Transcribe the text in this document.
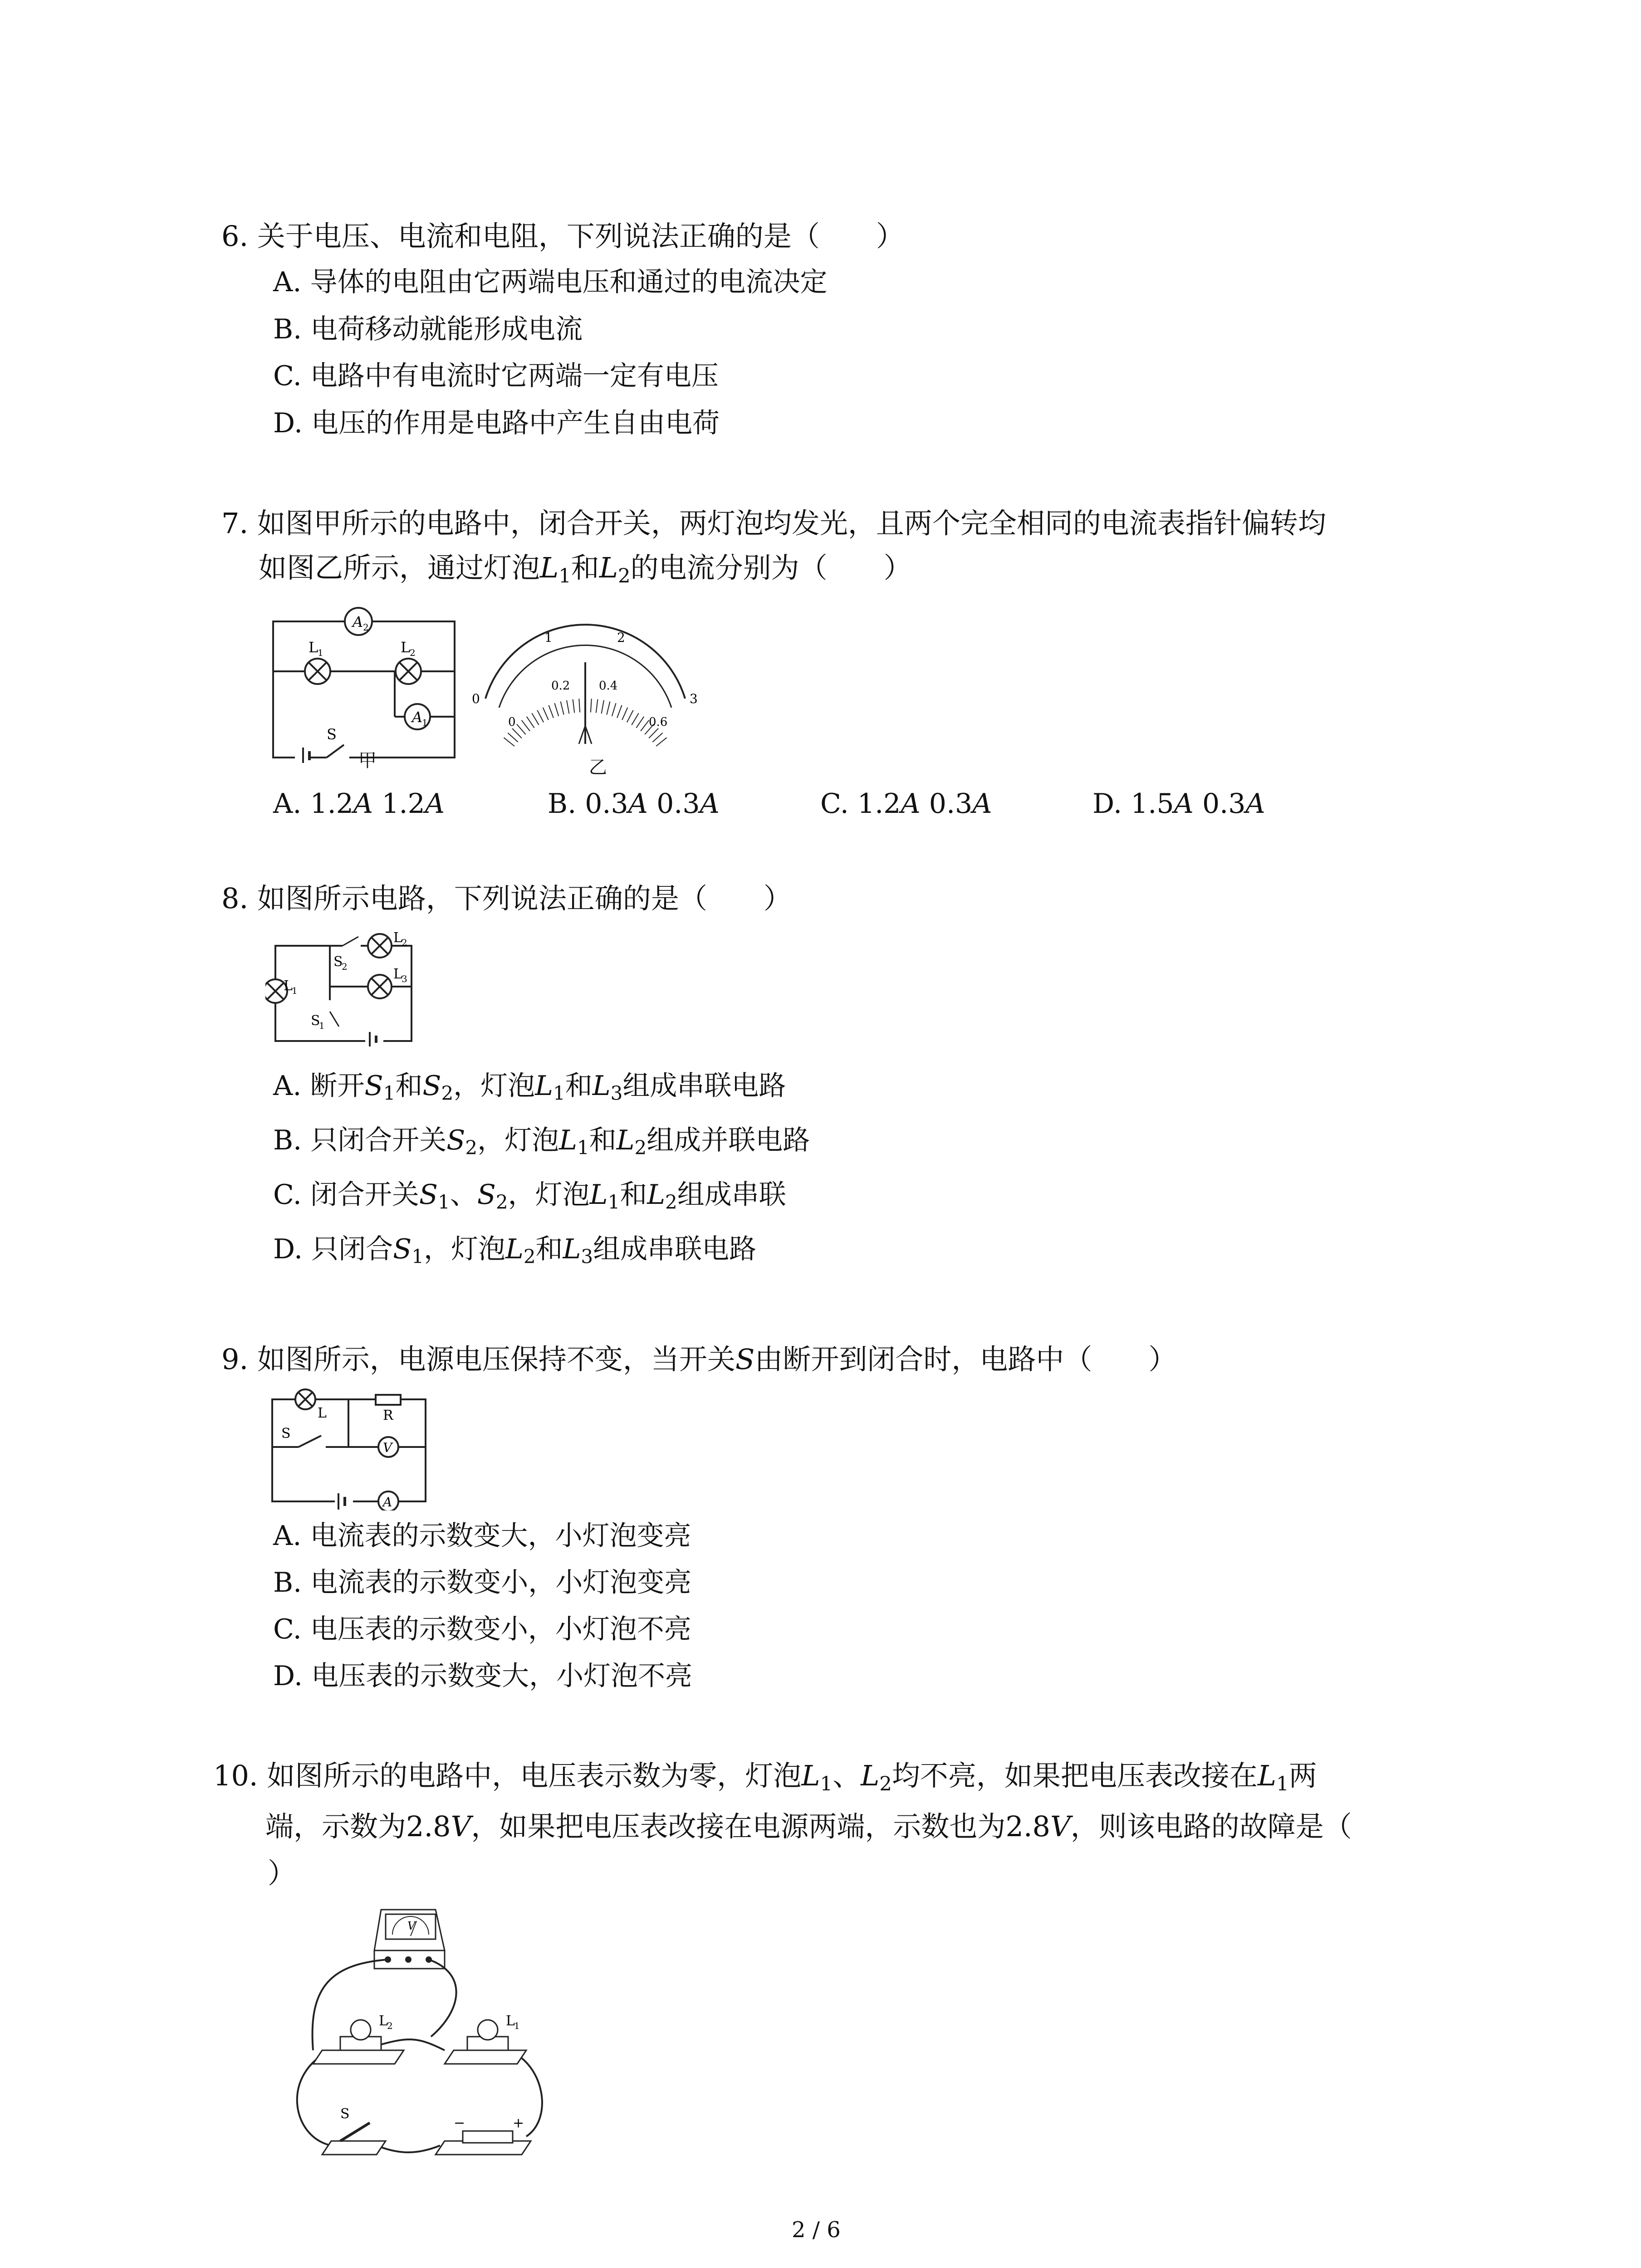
6. 关于电压、电流和电阻，下列说法正确的是（　　）
A. 导体的电阻由它两端电压和通过的电流决定
B. 电荷移动就能形成电流
C. 电路中有电流时它两端一定有电压
D. 电压的作用是电路中产生自由电荷
7. 如图甲所示的电路中，闭合开关，两灯泡均发光，且两个完全相同的电流表指针偏转均
如图乙所示，通过灯泡$L_1$和$L_2$的电流分别为（　　）
A 2
L
1	L
2
A
1
S
甲
0
1	2
3
0
0.2 0.4
0.6
乙
A. 1.2A 1.2A	B. 0.3A 0.3A	C. 1.2A 0.3A	D. 1.5A 0.3A
8. 如图所示电路，下列说法正确的是（　　）
L
1
L
2
L
3
S
1
S
2
A. 断开$S_1$和$S_2$，灯泡$L_1$和$L_3$组成串联电路
B. 只闭合开关$S_2$，灯泡$L_1$和$L_2$组成并联电路
C. 闭合开关$S_1$、$S_2$，灯泡$L_1$和$L_2$组成串联
D. 只闭合$S_1$，灯泡$L_2$和$L_3$组成串联电路
9. 如图所示，电源电压保持不变，当开关S由断开到闭合时，电路中（　　）
L	R
V
A
S
A. 电流表的示数变大，小灯泡变亮
B. 电流表的示数变小，小灯泡变亮
C. 电压表的示数变小，小灯泡不亮
D. 电压表的示数变大，小灯泡不亮
10. 如图所示的电路中，电压表示数为零，灯泡$L_1$、$L_2$均不亮，如果把电压表改接在$L_1$两
端，示数为2.8V，如果把电压表改接在电源两端，示数也为2.8V，则该电路的故障是（
）
V
L
2	L
1
S
−	+
2 / 6
